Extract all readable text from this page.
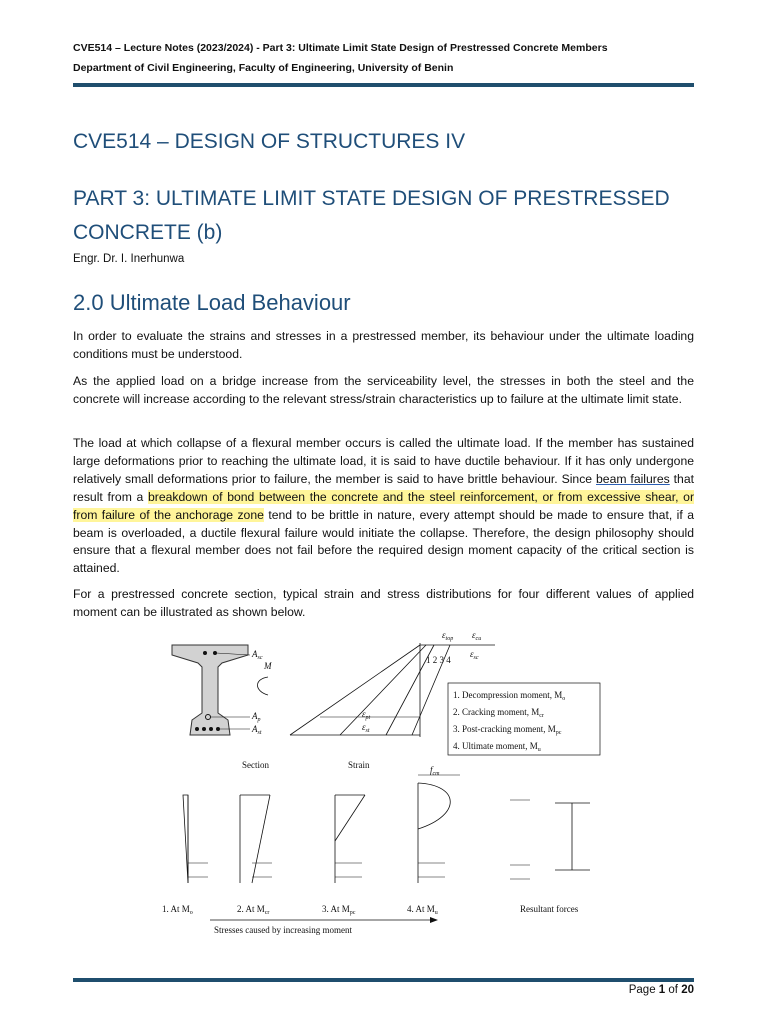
CVE514 – Lecture Notes (2023/2024) - Part 3: Ultimate Limit State Design of Prestressed Concrete Members
Department of Civil Engineering, Faculty of Engineering, University of Benin
CVE514 – DESIGN OF STRUCTURES IV
PART 3: ULTIMATE LIMIT STATE DESIGN OF PRESTRESSED CONCRETE (b)
Engr. Dr. I. Inerhunwa
2.0 Ultimate Load Behaviour

In order to evaluate the strains and stresses in a prestressed member, its behaviour under the ultimate loading conditions must be understood.

As the applied load on a bridge increase from the serviceability level, the stresses in both the steel and the concrete will increase according to the relevant stress/strain characteristics up to failure at the ultimate limit state.

The load at which collapse of a flexural member occurs is called the ultimate load. If the member has sustained large deformations prior to reaching the ultimate load, it is said to have ductile behaviour. If it has only undergone relatively small deformations prior to failure, the member is said to have brittle behaviour. Since beam failures that result from a breakdown of bond between the concrete and the steel reinforcement, or from excessive shear, or from failure of the anchorage zone tend to be brittle in nature, every attempt should be made to ensure that, if a beam is overloaded, a ductile flexural failure would initiate the collapse. Therefore, the design philosophy should ensure that a flexural member does not fail before the required design moment capacity of the critical section is attained.

For a prestressed concrete section, typical strain and stress distributions for four different values of applied moment can be illustrated as shown below.

$A_{sc}$
M
$A_p$
$A_{st}$
Section
$\varepsilon_{top}$ $\varepsilon_{cu}$
$\varepsilon_{sc}$
1 2 3 4
$\varepsilon_{pt}$
$\varepsilon_{st}$
Strain
1. Decompression moment, $M_o$
2. Cracking moment, $M_{cr}$
3. Post-cracking moment, $M_{pc}$
4. Ultimate moment, $M_u$
$f_{cm}$
Resultant forces
1. At $M_o$	2. At $M_{cr}$	3. At $M_{pc}$	4. At $M_u$
Stresses caused by increasing moment
Page 1 of 20
